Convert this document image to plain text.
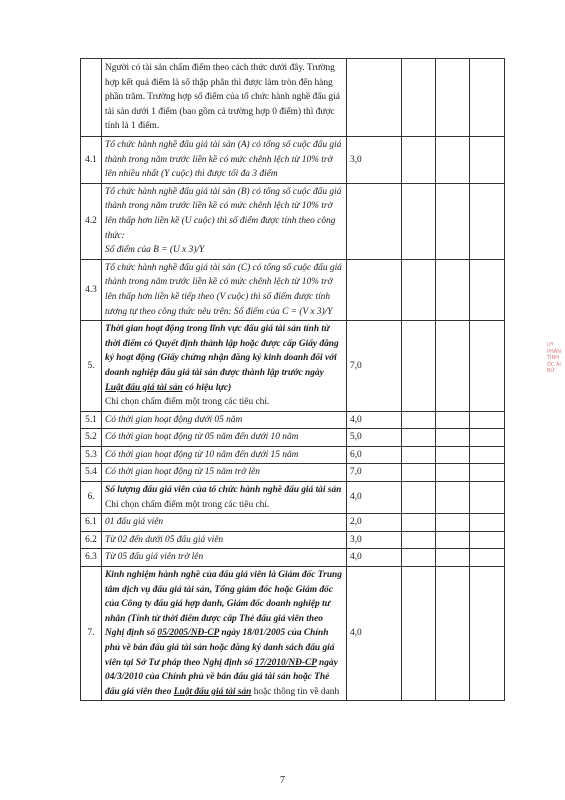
	Người có tài sản chấm điểm theo cách thức dưới đây. Trường hợp kết quả điểm là số thập phân thì được làm tròn đến hàng phần trăm. Trường hợp số điểm của tổ chức hành nghề đấu giá tài sản dưới 1 điểm (bao gồm cả trường hợp 0 điểm) thì được tính là 1 điểm.				
4.1	Tổ chức hành nghề đấu giá tài sản (A) có tổng số cuộc đấu giá thành trong năm trước liền kề có mức chênh lệch từ 10% trở lên nhiều nhất (Y cuộc) thì được tối đa 3 điểm	3,0			
4.2	Tổ chức hành nghề đấu giá tài sản (B) có tổng số cuộc đấu giá thành trong năm trước liền kề có mức chênh lệch từ 10% trở lên thấp hơn liền kề (U cuộc) thì số điểm được tính theo công thức:
Số điểm của B = (U x 3)/Y				
4.3	Tổ chức hành nghề đấu giá tài sản (C) có tổng số cuộc đấu giá thành trong năm trước liền kề có mức chênh lệch từ 10% trở lên thấp hơn liền kề tiếp theo (V cuộc) thì số điểm được tính tương tự theo công thức nêu trên: Số điểm của C = (V x 3)/Y				
5.	Thời gian hoạt động trong lĩnh vực đấu giá tài sản tính từ thời điểm có Quyết định thành lập hoặc được cấp Giấy đăng ký hoạt động (Giấy chứng nhận đăng ký kinh doanh đối với doanh nghiệp đấu giá tài sản được thành lập trước ngày Luật đấu giá tài sản có hiệu lực)
Chỉ chọn chấm điểm một trong các tiêu chí.	7,0			
5.1	Có thời gian hoạt động dưới 05 năm	4,0			
5.2	Có thời gian hoạt động từ 05 năm đến dưới 10 năm	5,0			
5.3	Có thời gian hoạt động từ 10 năm đến dưới 15 năm	6,0			
5.4	Có thời gian hoạt động từ 15 năm trở lên	7,0			
6.	Số lượng đấu giá viên của tổ chức hành nghề đấu giá tài sản
Chỉ chọn chấm điểm một trong các tiêu chí.	4,0			
6.1	01 đấu giá viên	2,0			
6.2	Từ 02 đến dưới 05 đấu giá viên	3,0			
6.3	Từ 05 đấu giá viên trở lên	4,0			
7.	Kinh nghiệm hành nghề của đấu giá viên là Giám đốc Trung tâm dịch vụ đấu giá tài sản, Tổng giám đốc hoặc Giám đốc của Công ty đấu giá hợp danh, Giám đốc doanh nghiệp tư nhân (Tính từ thời điểm được cấp Thẻ đấu giá viên theo Nghị định số 05/2005/NĐ-CP ngày 18/01/2005 của Chính phủ về bán đấu giá tài sản hoặc đăng ký danh sách đấu giá viên tại Sở Tư pháp theo Nghị định số 17/2010/NĐ-CP ngày 04/3/2010 của Chính phủ về bán đấu giá tài sản hoặc Thẻ đấu giá viên theo Luật đấu giá tài sản hoặc thông tin về danh	4,0			
7
ỦY PHÂN TỈNH ỐC ÁI BỨ
